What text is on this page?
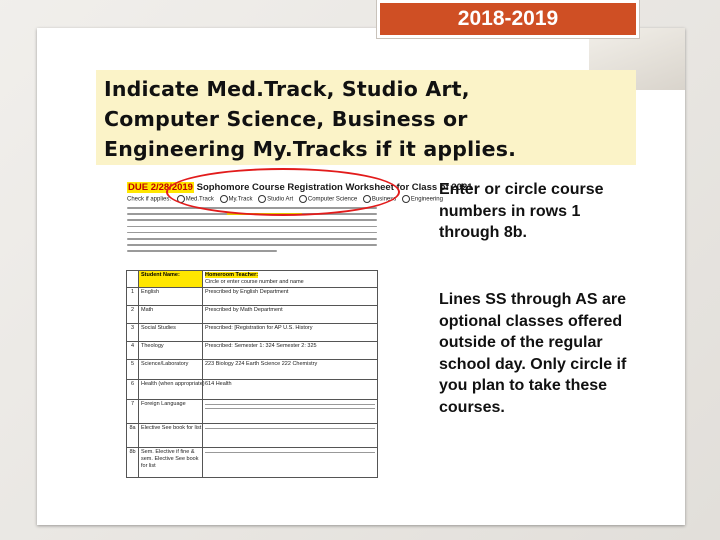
2018-2019
Indicate Med.Track, Studio Art,
Computer Science, Business or
Engineering My.Tracks if it applies.
DUE 2/28/2019 Sophomore Course Registration Worksheet for Class of 2021
Check if applies: Med.Track My.Track Studio Art Computer Science Business Engineering
	Student Name:	Homeroom Teacher:
Circle or enter course number and name
1	English	Prescribed by English Department
2	Math	Prescribed by Math Department
3	Social Studies	Prescribed: [Registration for AP U.S. History
4	Theology	Prescribed: Semester 1: 324 Semester 2: 325
5	Science/Laboratory	223 Biology 224 Earth Science 222 Chemistry
6	Health (when appropriate)	614 Health
7	Foreign Language	

8a	Elective See book for list	

8b	Sem. Elective if fine & sem. Elective See book for list	
Enter or circle course
numbers in rows 1
through 8b.
Lines SS through AS are
optional classes offered
outside of the regular
school day. Only circle if
you plan to take these
courses.
